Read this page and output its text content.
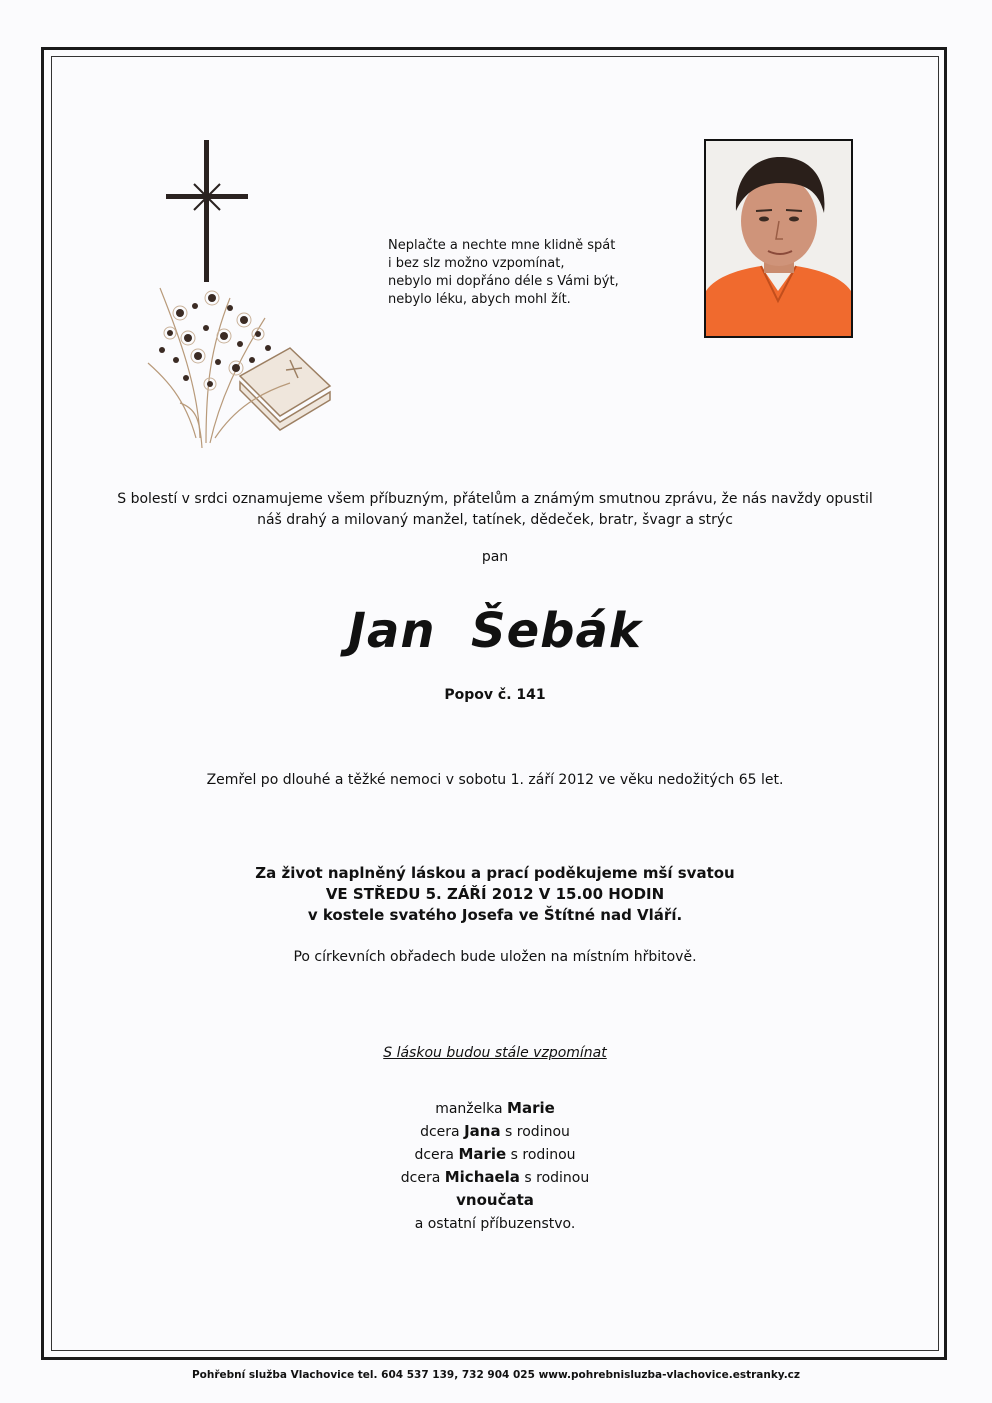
Neplačte a nechte mne klidně spát
i bez slz možno vzpomínat,
nebylo mi dopřáno déle s Vámi být,
nebylo léku, abych mohl žít.
S bolestí v srdci oznamujeme všem příbuzným, přátelům a známým smutnou zprávu, že nás navždy opustil
náš drahý a milovaný manžel, tatínek, dědeček, bratr, švagr a strýc
pan
Jan  Šebák
Popov č. 141
Zemřel po dlouhé a těžké nemoci v sobotu 1. září 2012 ve věku nedožitých 65 let.
Za život naplněný láskou a prací poděkujeme mší svatou
VE STŘEDU 5. ZÁŘÍ 2012 V 15.00 HODIN
v kostele svatého Josefa ve Štítné nad Vláří.
Po církevních obřadech bude uložen na místním hřbitově.
S láskou budou stále vzpomínat
manželka Marie
dcera Jana s rodinou
dcera Marie s rodinou
dcera Michaela s rodinou
vnoučata
a ostatní příbuzenstvo.
Pohřební služba Vlachovice tel. 604 537 139, 732 904 025 www.pohrebnisluzba-vlachovice.estranky.cz
